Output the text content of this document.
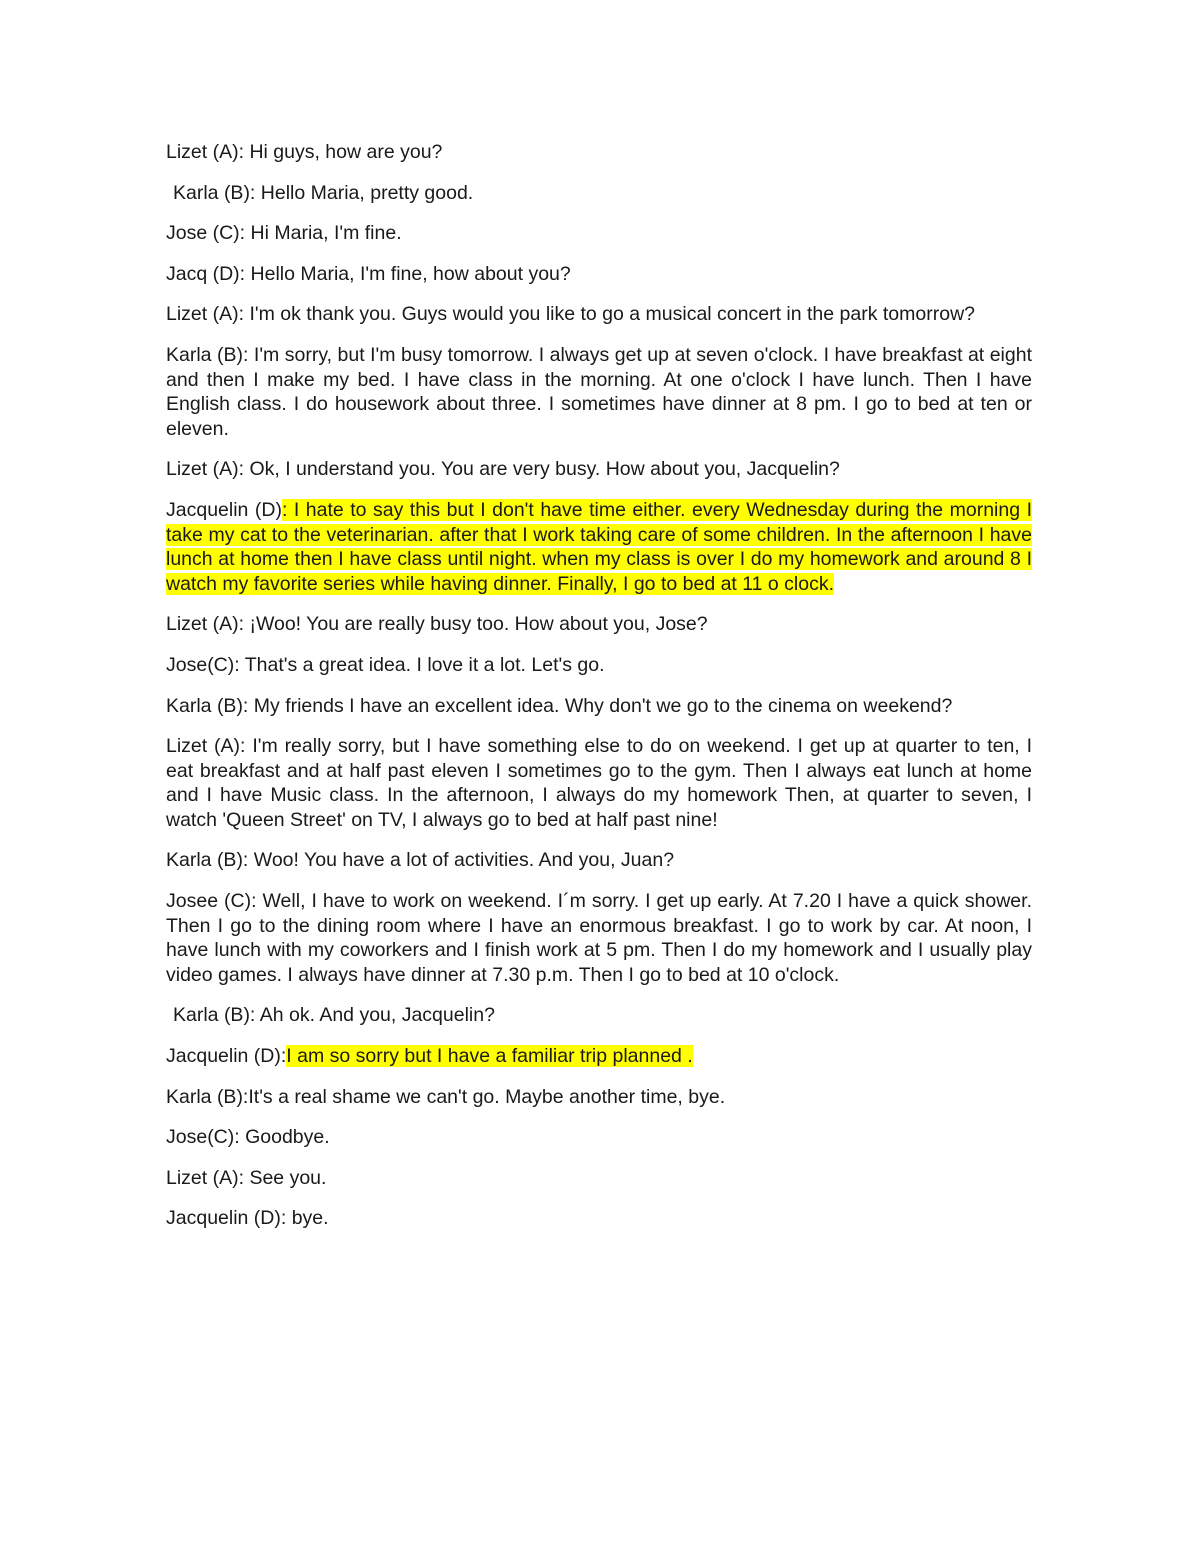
Lizet (A): Hi guys, how are you?

Karla (B): Hello Maria, pretty good.

Jose (C): Hi Maria, I'm fine.

Jacq (D): Hello Maria, I'm fine, how about you?

Lizet (A): I'm ok thank you. Guys would you like to go a musical concert in the park tomorrow?

Karla (B): I'm sorry, but I'm busy tomorrow. I always get up at seven o'clock. I have breakfast at eight and then I make my bed. I have class in the morning. At one o'clock I have lunch. Then I have English class. I do housework about three. I sometimes have dinner at 8 pm. I go to bed at ten or eleven.

Lizet (A): Ok, I understand you. You are very busy. How about you, Jacquelin?

Jacquelin (D): I hate to say this but I don't have time either. every Wednesday during the morning I take my cat to the veterinarian. after that I work taking care of some children. In the afternoon I have lunch at home then I have class until night. when my class is over I do my homework and around 8 I watch my favorite series while having dinner. Finally, I go to bed at 11 o clock.

Lizet (A): ¡Woo! You are really busy too. How about you, Jose?

Jose(C): That's a great idea. I love it a lot. Let's go.

Karla (B): My friends I have an excellent idea. Why don't we go to the cinema on weekend?

Lizet (A): I'm really sorry, but I have something else to do on weekend. I get up at quarter to ten, I eat breakfast and at half past eleven I sometimes go to the gym. Then I always eat lunch at home and I have Music class. In the afternoon, I always do my homework Then, at quarter to seven, I watch 'Queen Street' on TV, I always go to bed at half past nine!

Karla (B): Woo! You have a lot of activities. And you, Juan?

Josee (C): Well, I have to work on weekend. I´m sorry. I get up early. At 7.20 I have a quick shower. Then I go to the dining room where I have an enormous breakfast. I go to work by car. At noon, I have lunch with my coworkers and I finish work at 5 pm. Then I do my homework and I usually play video games. I always have dinner at 7.30 p.m. Then I go to bed at 10 o'clock.

Karla (B): Ah ok. And you, Jacquelin?

Jacquelin (D):I am so sorry but I have a familiar trip planned .

Karla (B):It's a real shame we can't go. Maybe another time, bye.

Jose(C): Goodbye.

Lizet (A): See you.

Jacquelin (D): bye.
